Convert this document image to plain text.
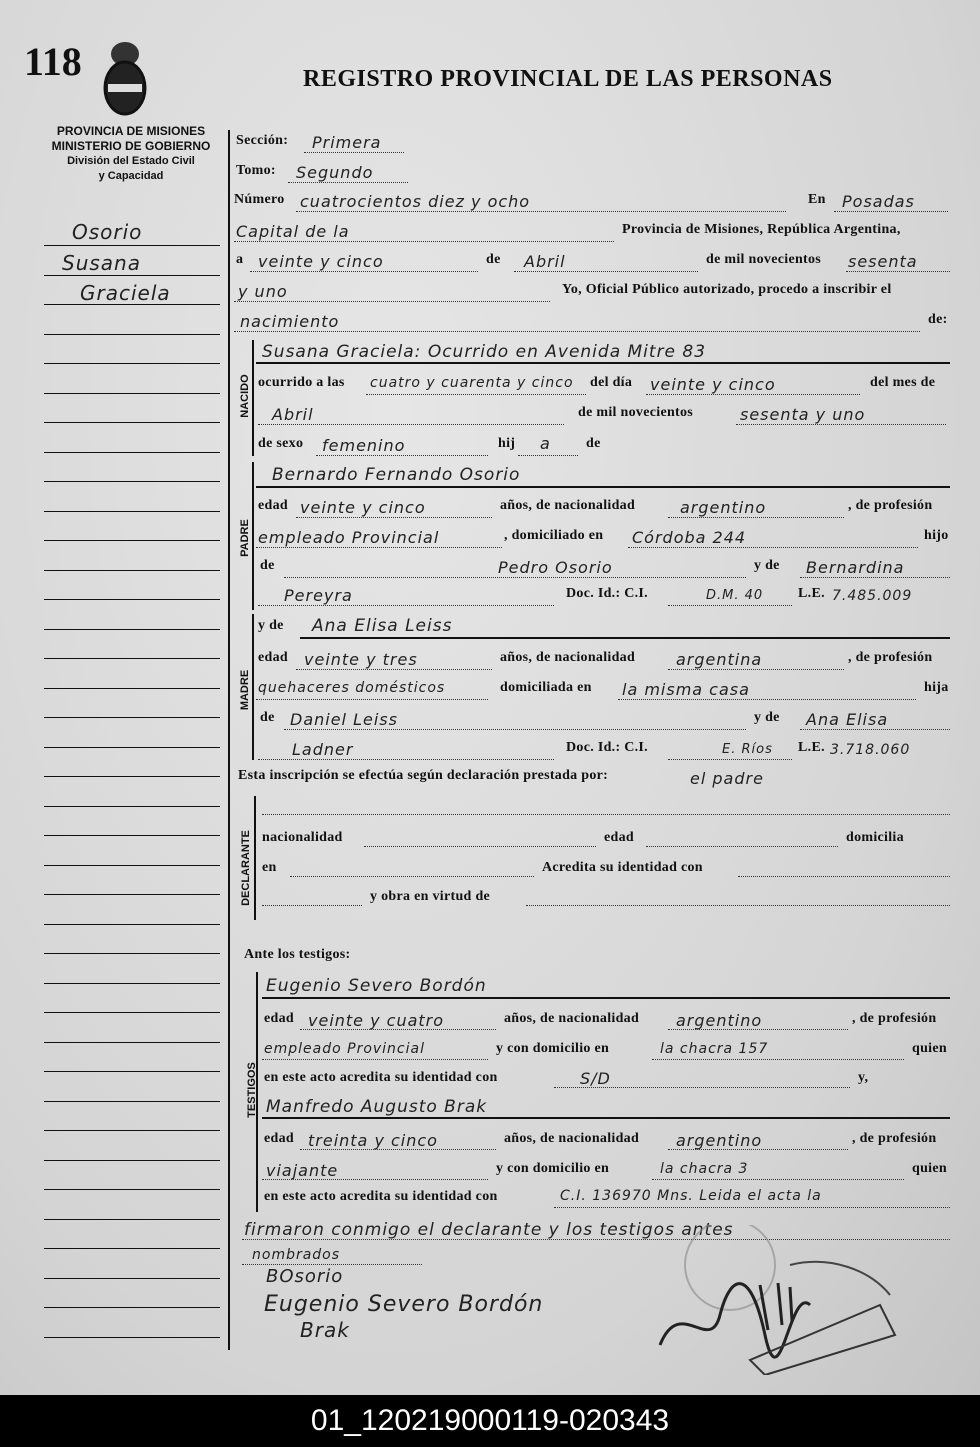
118	REGISTRO PROVINCIAL DE LAS PERSONAS
PROVINCIA DE MISIONES
MINISTERIO DE GOBIERNO
División del Estado Civil
y Capacidad
Osorio
Susana
Graciela
Sección: Primera
Tomo: Segundo
Número cuatrocientos diez y ocho	En Posadas
Capital de la	Provincia de Misiones, República Argentina,
a veinte y cinco	de Abril	de mil novecientos sesenta
y uno	Yo, Oficial Público autorizado, procedo a inscribir el
nacimiento	de:
NACIDO
Susana Graciela: Ocurrido en Avenida Mitre 83
ocurrido a las cuatro y cuarenta y cinco del día veinte y cinco	del mes de
Abril	de mil novecientos	sesenta y uno
de sexo femenino	hij a	de
PADRE
Bernardo Fernando Osorio
edad veinte y cinco	años, de nacionalidad	argentino	, de profesión
empleado Provincial	, domiciliado en Córdoba 244	hijo
de	Pedro Osorio	y de Bernardina
Pereyra	Doc. Id.: C.I.	D.M. 40 L.E. 7.485.009
MADRE
y de Ana Elisa Leiss
edad veinte y tres	años, de nacionalidad	argentina	, de profesión
quehaceres domésticos	domiciliada en la misma casa	hija
de Daniel Leiss	y de Ana Elisa
Ladner	Doc. Id.: C.I.	E. Ríos L.E. 3.718.060
Esta inscripción se efectúa según declaración prestada por:	el padre
DECLARANTE nacionalidad	edad	domicilia
en	Acredita su identidad con
y obra en virtud de
Ante los testigos:
TESTIGOS
Eugenio Severo Bordón
edad veinte y cuatro	años, de nacionalidad argentino	, de profesión
empleado Provincial	y con domicilio en	la chacra 157	quien
en este acto acredita su identidad con	S/D	y,
Manfredo Augusto Brak
edad treinta y cinco	años, de nacionalidad argentino	, de profesión
viajante	y con domicilio en	la chacra 3	quien
en este acto acredita su identidad con	C.I. 136970 Mns. Leida el acta la
firmaron conmigo el declarante y los testigos antes
nombrados
BOsorio
Eugenio Severo Bordón
Brak
01_120219000119-020343
